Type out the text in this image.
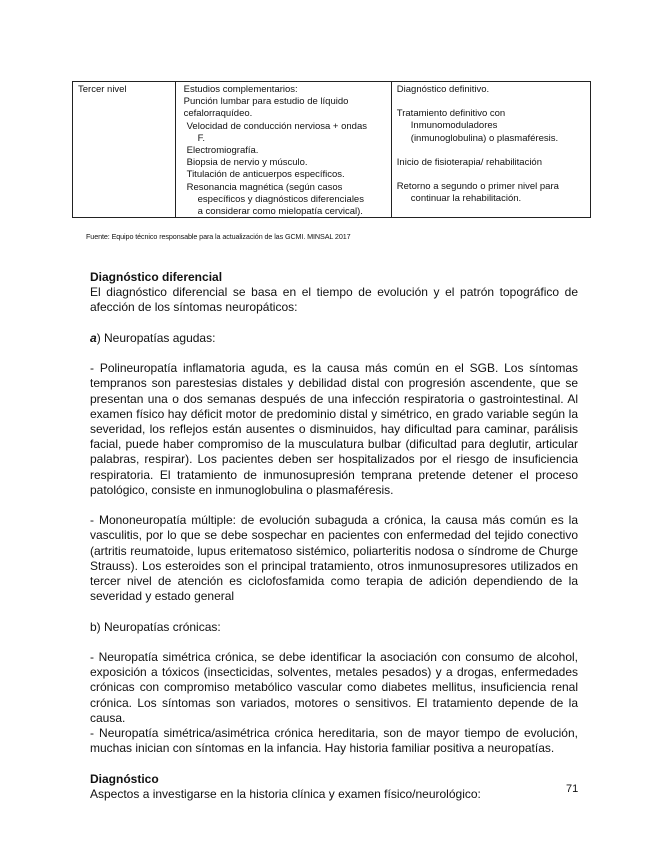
Tercer nivel	Estudios complementarios:
Punción lumbar para estudio de líquido
cefalorraquídeo.
Velocidad de conducción nerviosa + ondas
F.
Electromiografía.
Biopsia de nervio y músculo.
Titulación de anticuerpos específicos.
Resonancia magnética (según casos
específicos y diagnósticos diferenciales
a considerar como mielopatía cervical).
Diagnóstico definitivo.
Tratamiento definitivo con
Inmunomoduladores
(inmunoglobulina) o plasmaféresis.
Inicio de fisioterapia/ rehabilitación
Retorno a segundo o primer nivel para
continuar la rehabilitación.
Fuente: Equipo técnico responsable para la actualización de las GCMI. MINSAL 2017

Diagnóstico diferencial

El diagnóstico diferencial se basa en el tiempo de evolución y el patrón topográfico de afección de los síntomas neuropáticos:

a) Neuropatías agudas:

- Polineuropatía inflamatoria aguda, es la causa más común en el SGB. Los síntomas tempranos son parestesias distales y debilidad distal con progresión ascendente, que se presentan una o dos semanas después de una infección respiratoria o gastrointestinal. Al examen físico hay déficit motor de predominio distal y simétrico, en grado variable según la severidad, los reflejos están ausentes o disminuidos, hay dificultad para caminar, parálisis facial, puede haber compromiso de la musculatura bulbar (dificultad para deglutir, articular palabras, respirar). Los pacientes deben ser hospitalizados por el riesgo de insuficiencia respiratoria. El tratamiento de inmunosupresión temprana pretende detener el proceso patológico, consiste en inmunoglobulina o plasmaféresis.

- Mononeuropatía múltiple: de evolución subaguda a crónica, la causa más común es la vasculitis, por lo que se debe sospechar en pacientes con enfermedad del tejido conectivo (artritis reumatoide, lupus eritematoso sistémico, poliarteritis nodosa o síndrome de Churge Strauss). Los esteroides son el principal tratamiento, otros inmunosupresores utilizados en tercer nivel de atención es ciclofosfamida como terapia de adición dependiendo de la severidad y estado general

b) Neuropatías crónicas:

- Neuropatía simétrica crónica, se debe identificar la asociación con consumo de alcohol, exposición a tóxicos (insecticidas, solventes, metales pesados) y a drogas, enfermedades crónicas con compromiso metabólico vascular como diabetes mellitus, insuficiencia renal crónica. Los síntomas son variados, motores o sensitivos. El tratamiento depende de la causa.

- Neuropatía simétrica/asimétrica crónica hereditaria, son de mayor tiempo de evolución, muchas inician con síntomas en la infancia. Hay historia familiar positiva a neuropatías.

Diagnóstico

Aspectos a investigarse en la historia clínica y examen físico/neurológico:	71
